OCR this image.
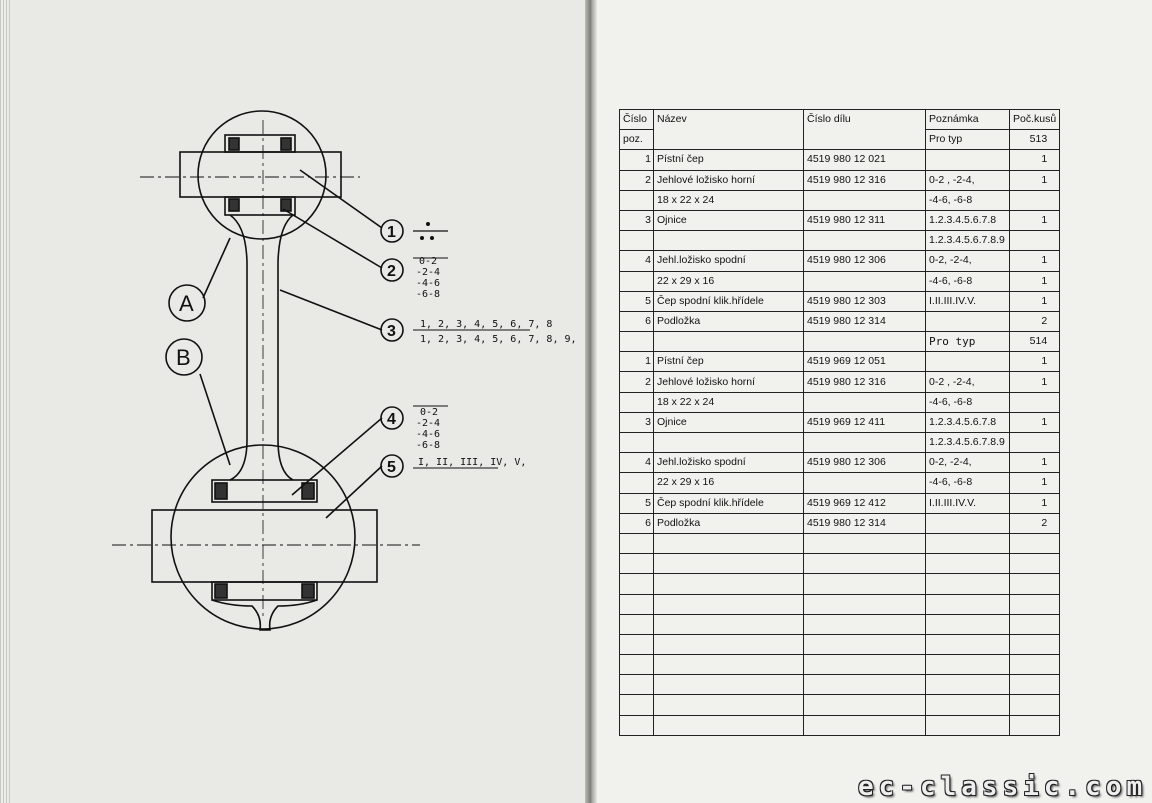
A
B
1
2
3
4
5
0-2
-2-4
-4-6
-6-8
1, 2, 3, 4, 5, 6, 7, 8
1, 2, 3, 4, 5, 6, 7, 8, 9,
0-2
-2-4
-4-6
-6-8
I, II, III, IV, V,
Číslo	Název	Číslo dílu	Poznámka	Poč.kusů
poz.			Pro typ	513
1	Pístní čep	4519 980 12 021		1
2	Jehlové ložisko horní	4519 980 12 316	0-2 , -2-4,	1
	18 x 22 x 24		-4-6, -6-8	
3	Ojnice	4519 980 12 311	1.2.3.4.5.6.7.8	1
			1.2.3.4.5.6.7.8.9	
4	Jehl.ložisko spodní	4519 980 12 306	0-2, -2-4,	1
	22 x 29 x 16		-4-6, -6-8	1
5	Čep spodní klik.hřídele	4519 980 12 303	I.II.III.IV.V.	1
6	Podložka	4519 980 12 314		2
			Pro typ	514
1	Pístní čep	4519 969 12 051		1
2	Jehlové ložisko horní	4519 980 12 316	0-2 , -2-4,	1
	18 x 22 x 24		-4-6, -6-8	
3	Ojnice	4519 969 12 411	1.2.3.4.5.6.7.8	1
			1.2.3.4.5.6.7.8.9	
4	Jehl.ložisko spodní	4519 980 12 306	0-2, -2-4,	1
	22 x 29 x 16		-4-6, -6-8	1
5	Čep spodní klik.hřídele	4519 969 12 412	I.II.III.IV.V.	1
6	Podložka	4519 980 12 314		2

ec-classic.com
